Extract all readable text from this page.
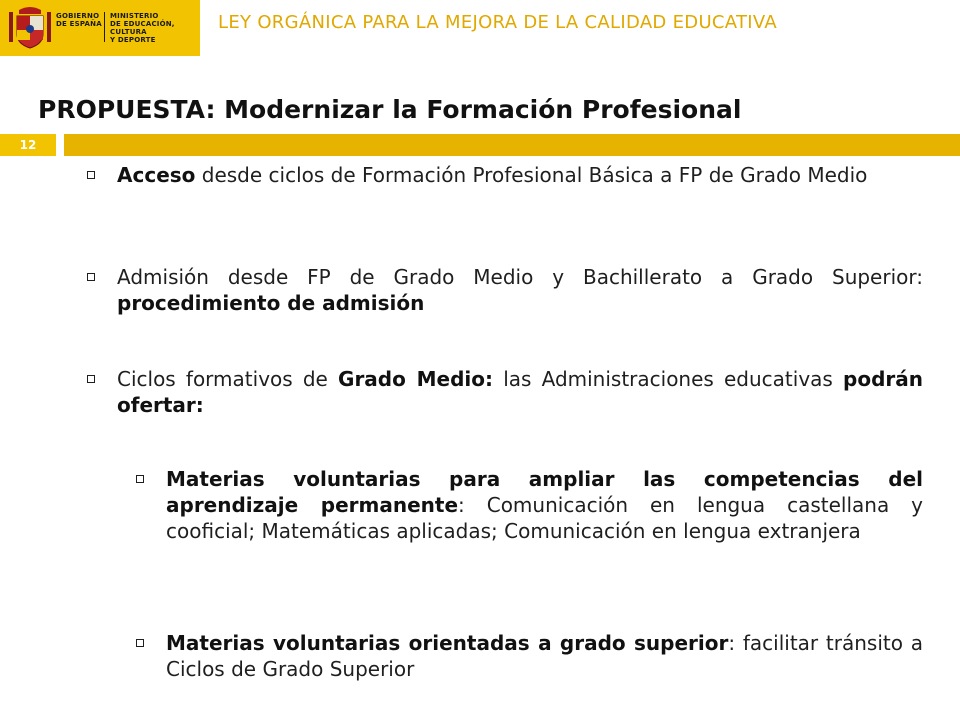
GOBIERNO
DE ESPAÑA
MINISTERIO
DE EDUCACIÓN, CULTURA
Y DEPORTE
LEY ORGÁNICA PARA LA MEJORA DE LA CALIDAD EDUCATIVA
PROPUESTA: Modernizar la Formación Profesional
12
Acceso desde ciclos de Formación Profesional Básica a FP de Grado Medio
Admisión desde FP de Grado Medio y Bachillerato a Grado Superior: procedimiento de admisión
Ciclos formativos de Grado Medio: las Administraciones educativas podrán ofertar:
Materias voluntarias para ampliar las competencias del aprendizaje permanente: Comunicación en lengua castellana y cooficial; Matemáticas aplicadas; Comunicación en lengua extranjera
Materias voluntarias orientadas a grado superior: facilitar tránsito a Ciclos de Grado Superior
